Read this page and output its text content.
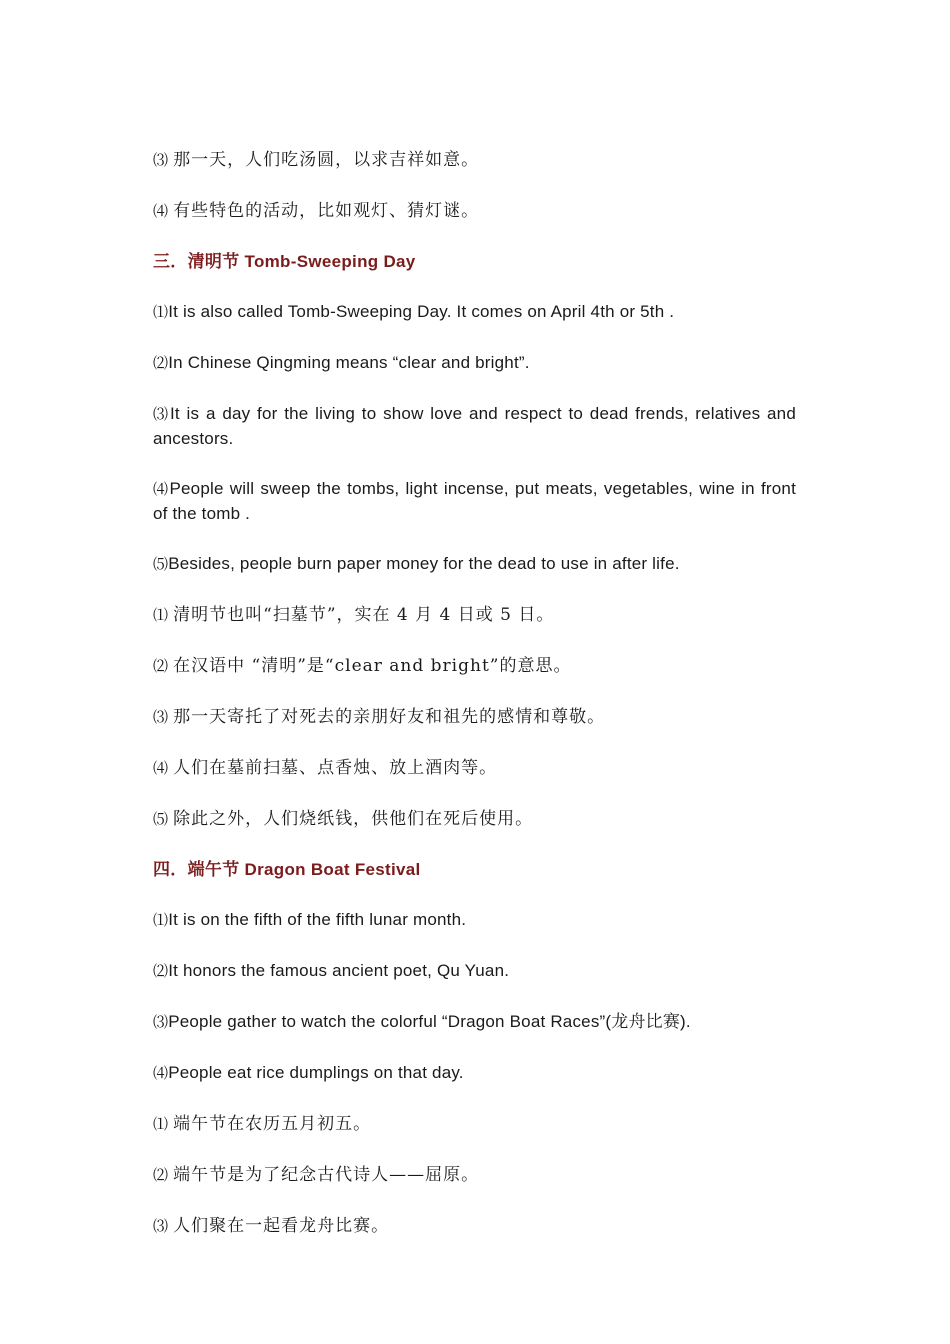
⑶ 那一天，人们吃汤圆，以求吉祥如意。

⑷ 有些特色的活动，比如观灯、猜灯谜。

三．清明节 Tomb-Sweeping Day

⑴It is also called Tomb-Sweeping Day. It comes on April 4th or 5th .

⑵In Chinese Qingming means “clear and bright”.

⑶It is a day for the living to show love and respect to dead frends, relatives and ancestors.

⑷People will sweep the tombs, light incense, put meats, vegetables, wine in front of the tomb .

⑸Besides, people burn paper money for the dead to use in after life.

⑴ 清明节也叫“扫墓节”，实在 4 月 4 日或 5 日。

⑵ 在汉语中 “清明”是“clear and bright”的意思。

⑶ 那一天寄托了对死去的亲朋好友和祖先的感情和尊敬。

⑷ 人们在墓前扫墓、点香烛、放上酒肉等。

⑸ 除此之外，人们烧纸钱，供他们在死后使用。

四．端午节 Dragon Boat Festival

⑴It is on the fifth of the fifth lunar month.

⑵It honors the famous ancient poet, Qu Yuan.

⑶People gather to watch the colorful “Dragon Boat Races”(龙舟比赛).

⑷People eat rice dumplings on that day.

⑴ 端午节在农历五月初五。

⑵ 端午节是为了纪念古代诗人——屈原。

⑶ 人们聚在一起看龙舟比赛。
